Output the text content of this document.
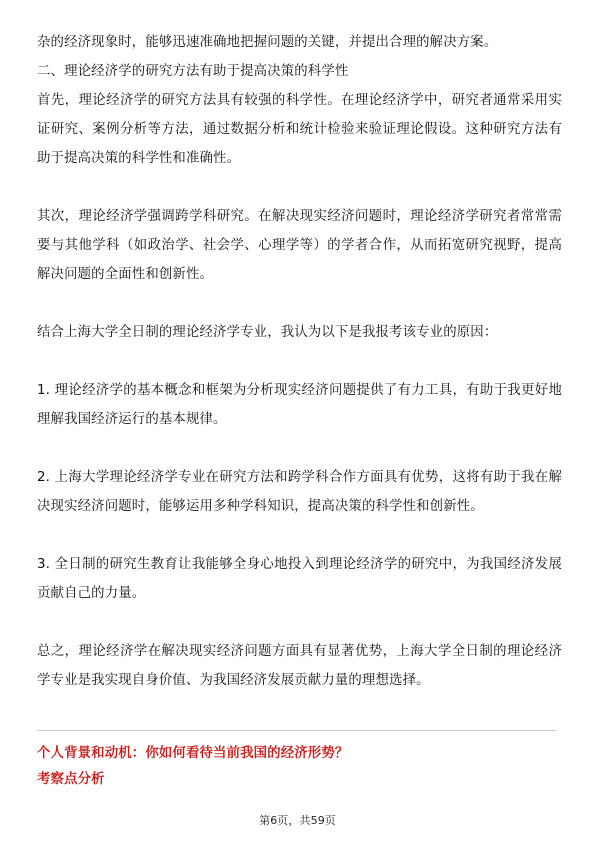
杂的经济现象时，能够迅速准确地把握问题的关键，并提出合理的解决方案。

二、理论经济学的研究方法有助于提高决策的科学性

首先，理论经济学的研究方法具有较强的科学性。在理论经济学中，研究者通常采用实证研究、案例分析等方法，通过数据分析和统计检验来验证理论假设。这种研究方法有助于提高决策的科学性和准确性。

其次，理论经济学强调跨学科研究。在解决现实经济问题时，理论经济学研究者常常需要与其他学科（如政治学、社会学、心理学等）的学者合作，从而拓宽研究视野，提高解决问题的全面性和创新性。

结合上海大学全日制的理论经济学专业，我认为以下是我报考该专业的原因：

1. 理论经济学的基本概念和框架为分析现实经济问题提供了有力工具，有助于我更好地理解我国经济运行的基本规律。

2. 上海大学理论经济学专业在研究方法和跨学科合作方面具有优势，这将有助于我在解决现实经济问题时，能够运用多种学科知识，提高决策的科学性和创新性。

3. 全日制的研究生教育让我能够全身心地投入到理论经济学的研究中，为我国经济发展贡献自己的力量。

总之，理论经济学在解决现实经济问题方面具有显著优势，上海大学全日制的理论经济学专业是我实现自身价值、为我国经济发展贡献力量的理想选择。

个人背景和动机：你如何看待当前我国的经济形势？

考察点分析

第6页，共59页
